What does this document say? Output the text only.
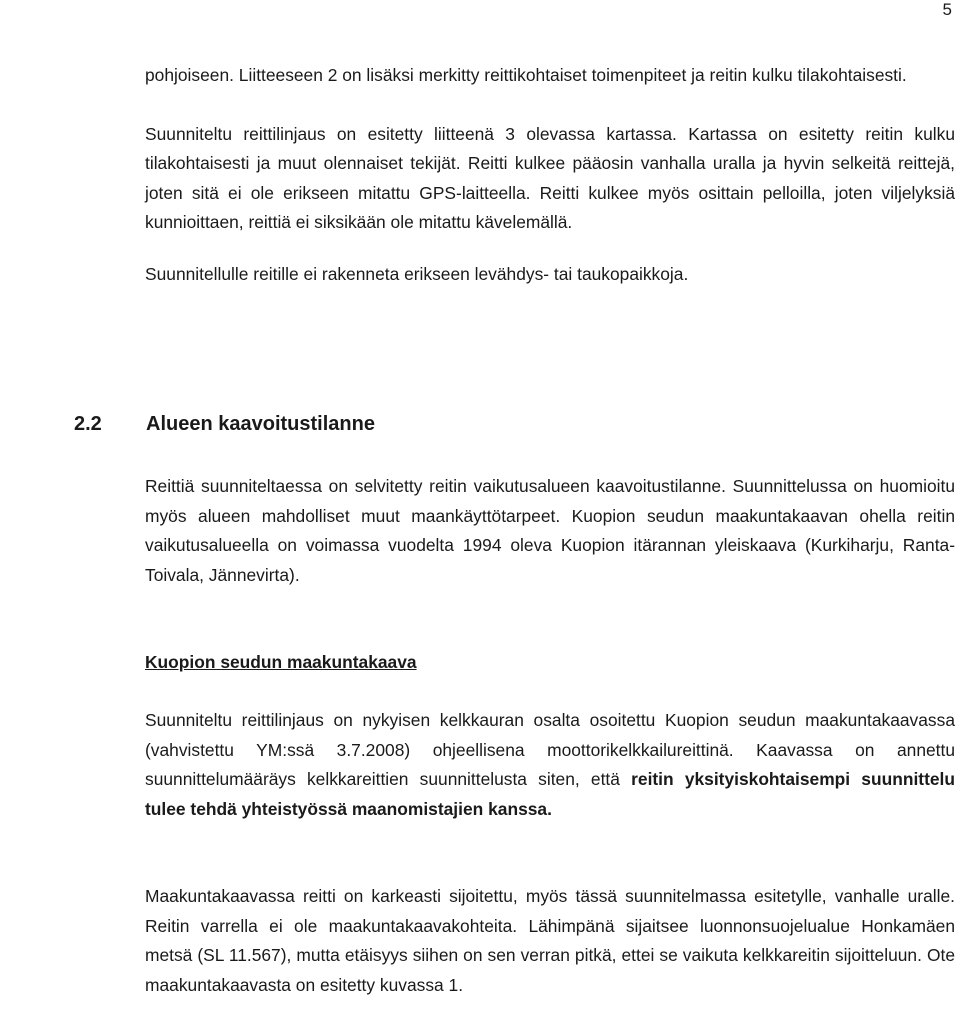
5

pohjoiseen. Liitteeseen 2 on lisäksi merkitty reittikohtaiset toimenpiteet ja reitin kulku tilakohtaisesti.

Suunniteltu reittilinjaus on esitetty liitteenä 3 olevassa kartassa. Kartassa on esitetty reitin kulku tilakohtaisesti ja muut olennaiset tekijät. Reitti kulkee pääosin vanhalla uralla ja hyvin selkeitä reittejä, joten sitä ei ole erikseen mitattu GPS-laitteella. Reitti kulkee myös osittain pelloilla, joten viljelyksiä kunnioittaen, reittiä ei siksikään ole mitattu kävelemällä.

Suunnitellulle reitille ei rakenneta erikseen levähdys- tai taukopaikkoja.

2.2 Alueen kaavoitustilanne

Reittiä suunniteltaessa on selvitetty reitin vaikutusalueen kaavoitustilanne. Suunnittelussa on huomioitu myös alueen mahdolliset muut maankäyttötarpeet. Kuopion seudun maakuntakaavan ohella reitin vaikutusalueella on voimassa vuodelta 1994 oleva Kuopion itärannan yleiskaava (Kurkiharju, Ranta-Toivala, Jännevirta).

Kuopion seudun maakuntakaava

Suunniteltu reittilinjaus on nykyisen kelkkauran osalta osoitettu Kuopion seudun maakuntakaavassa (vahvistettu YM:ssä 3.7.2008) ohjeellisena moottorikelkkailureittinä. Kaavassa on annettu suunnittelumääräys kelkkareittien suunnittelusta siten, että reitin yksityiskohtaisempi suunnittelu tulee tehdä yhteistyössä maanomistajien kanssa.

Maakuntakaavassa reitti on karkeasti sijoitettu, myös tässä suunnitelmassa esitetylle, vanhalle uralle. Reitin varrella ei ole maakuntakaavakohteita. Lähimpänä sijaitsee luonnonsuojelualue Honkamäen metsä (SL 11.567), mutta etäisyys siihen on sen verran pitkä, ettei se vaikuta kelkkareitin sijoitteluun. Ote maakuntakaavasta on esitetty kuvassa 1.
